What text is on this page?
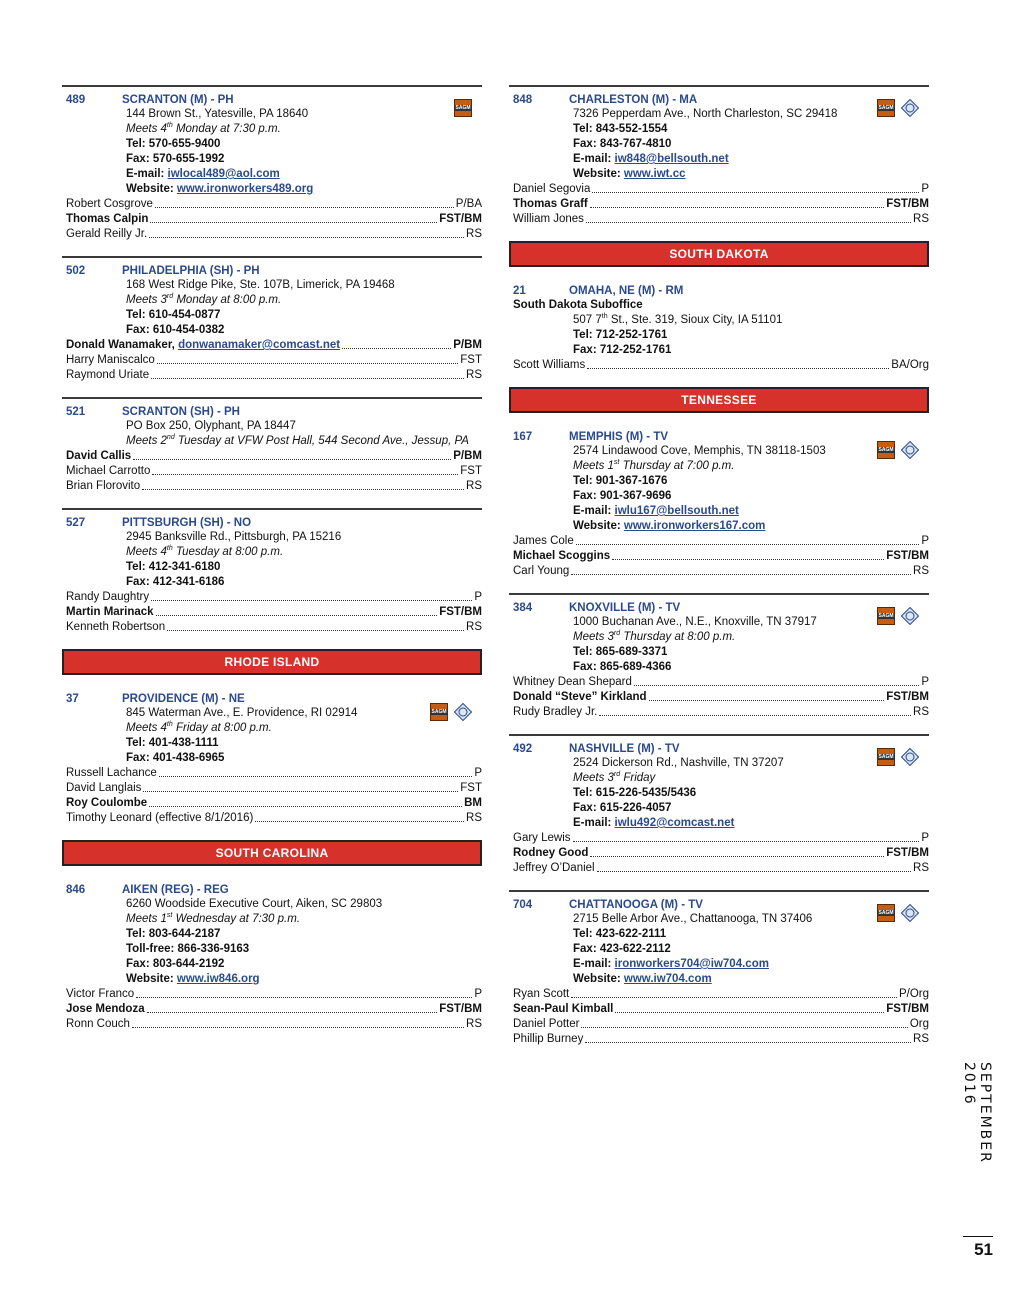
SAGM
489	SCRANTON (M) - PH
144 Brown St., Yatesville, PA 18640
Meets 4th Monday at 7:30 p.m.
Tel: 570-655-9400
Fax: 570-655-1992
E-mail: iwlocal489@aol.com
Website: www.ironworkers489.org
Robert Cosgrove	P/BA
Thomas Calpin	FST/BM
Gerald Reilly Jr.	RS
502	PHILADELPHIA (SH) - PH
168 West Ridge Pike, Ste. 107B, Limerick, PA 19468
Meets 3rd Monday at 8:00 p.m.
Tel: 610-454-0877
Fax: 610-454-0382
Donald Wanamaker, donwanamaker@comcast.net	P/BM
Harry Maniscalco	FST
Raymond Uriate	RS
521	SCRANTON (SH) - PH
PO Box 250, Olyphant, PA 18447
Meets 2nd Tuesday at VFW Post Hall, 544 Second Ave., Jessup, PA
David Callis	P/BM
Michael Carrotto	FST
Brian Florovito	RS
527	PITTSBURGH (SH) - NO
2945 Banksville Rd., Pittsburgh, PA 15216
Meets 4th Tuesday at 8:00 p.m.
Tel: 412-341-6180
Fax: 412-341-6186
Randy Daughtry	P
Martin Marinack	FST/BM
Kenneth Robertson	RS
RHODE ISLAND
SAGM
37	PROVIDENCE (M) - NE
845 Waterman Ave., E. Providence, RI 02914
Meets 4th Friday at 8:00 p.m.
Tel: 401-438-1111
Fax: 401-438-6965
Russell Lachance	P
David Langlais	FST
Roy Coulombe	BM
Timothy Leonard (effective 8/1/2016)	RS
SOUTH CAROLINA
846	AIKEN (REG) - REG
6260 Woodside Executive Court, Aiken, SC 29803
Meets 1st Wednesday at 7:30 p.m.
Tel: 803-644-2187
Toll-free: 866-336-9163
Fax: 803-644-2192
Website: www.iw846.org
Victor Franco	P
Jose Mendoza	FST/BM
Ronn Couch	RS
SAGM
848	CHARLESTON (M) - MA
7326 Pepperdam Ave., North Charleston, SC 29418
Tel: 843-552-1554
Fax: 843-767-4810
E-mail: iw848@bellsouth.net
Website: www.iwt.cc
Daniel Segovia	P
Thomas Graff	FST/BM
William Jones	RS
SOUTH DAKOTA
21	OMAHA, NE (M) - RM
South Dakota Suboffice
507 7th St., Ste. 319, Sioux City, IA 51101
Tel: 712-252-1761
Fax: 712-252-1761
Scott Williams	BA/Org
TENNESSEE
SAGM
167	MEMPHIS (M) - TV
2574 Lindawood Cove, Memphis, TN 38118-1503
Meets 1st Thursday at 7:00 p.m.
Tel: 901-367-1676
Fax: 901-367-9696
E-mail: iwlu167@bellsouth.net
Website: www.ironworkers167.com
James Cole	P
Michael Scoggins	FST/BM
Carl Young	RS
SAGM
384	KNOXVILLE (M) - TV
1000 Buchanan Ave., N.E., Knoxville, TN 37917
Meets 3rd Thursday at 8:00 p.m.
Tel: 865-689-3371
Fax: 865-689-4366
Whitney Dean Shepard	P
Donald “Steve” Kirkland	FST/BM
Rudy Bradley Jr.	RS
SAGM
492	NASHVILLE (M) - TV
2524 Dickerson Rd., Nashville, TN 37207
Meets 3rd Friday
Tel: 615-226-5435/5436
Fax: 615-226-4057
E-mail: iwlu492@comcast.net
Gary Lewis	P
Rodney Good	FST/BM
Jeffrey O’Daniel	RS
SAGM
704	CHATTANOOGA (M) - TV
2715 Belle Arbor Ave., Chattanooga, TN 37406
Tel: 423-622-2111
Fax: 423-622-2112
E-mail: ironworkers704@iw704.com
Website: www.iw704.com
Ryan Scott	P/Org
Sean-Paul Kimball	FST/BM
Daniel Potter	Org
Phillip Burney	RS
SEPTEMBER 2016
51
